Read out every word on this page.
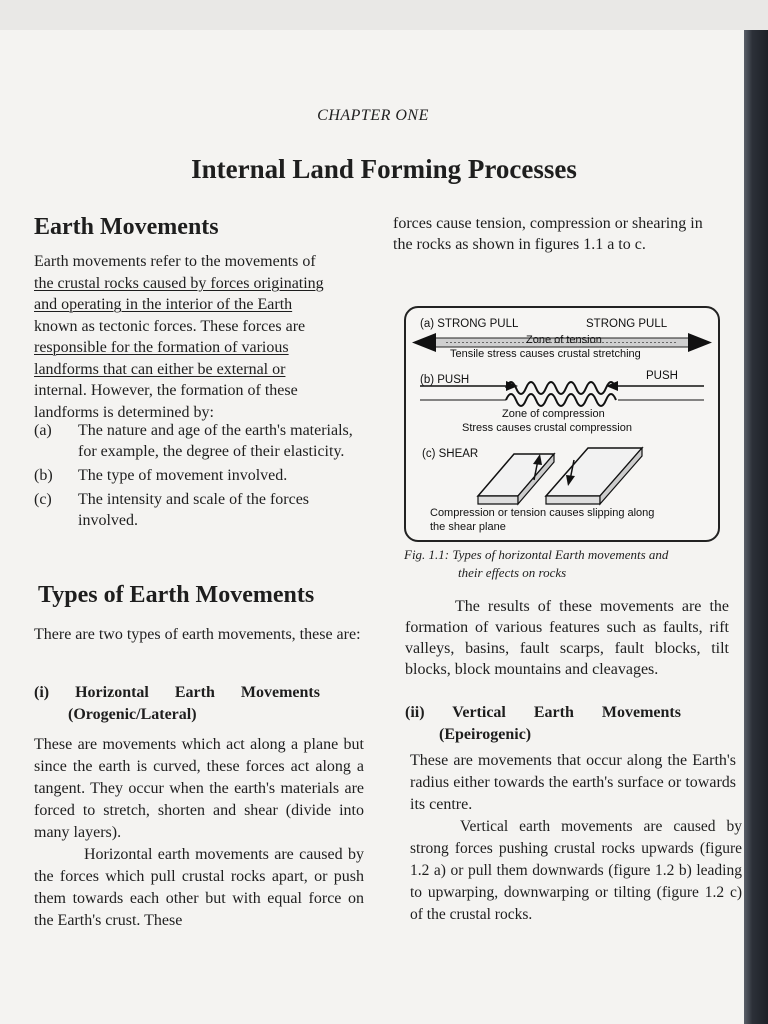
CHAPTER ONE
Internal Land Forming Processes
Earth Movements
Earth movements refer to the movements of
the crustal rocks caused by forces originating
and operating in the interior of the Earth
known as tectonic forces. These forces are
responsible for the formation of various
landforms that can either be external or
internal. However, the formation of these
landforms is determined by:
(a) The nature and age of the earth's materials, for example, the degree of their elasticity.
(b) The type of movement involved.
(c) The intensity and scale of the forces involved.
Types of Earth Movements
There are two types of earth movements, these are:
(i) Horizontal Earth Movements
(Orogenic/Lateral)
These are movements which act along a plane but since the earth is curved, these forces act along a tangent. They occur when the earth's materials are forced to stretch, shorten and shear (divide into many layers).
Horizontal earth movements are caused by the forces which pull crustal rocks apart, or push them towards each other but with equal force on the Earth's crust. These
forces cause tension, compression or shearing in the rocks as shown in figures 1.1 a to c.
(a) STRONG PULL	STRONG PULL
Zone of tension
Tensile stress causes crustal stretching
(b) PUSH	PUSH
Zone of compression
Stress causes crustal compression
(c) SHEAR
Compression or tension causes slipping along
the shear plane
Fig. 1.1: Types of horizontal Earth movements and
their effects on rocks
The results of these movements are the formation of various features such as faults, rift valleys, basins, fault scarps, fault blocks, tilt blocks, block mountains and cleavages.
(ii) Vertical Earth Movements
(Epeirogenic)
These are movements that occur along the Earth's radius either towards the earth's surface or towards its centre.
Vertical earth movements are caused by strong forces pushing crustal rocks upwards (figure 1.2 a) or pull them downwards (figure 1.2 b) leading to upwarping, downwarping or tilting (figure 1.2 c) of the crustal rocks.
